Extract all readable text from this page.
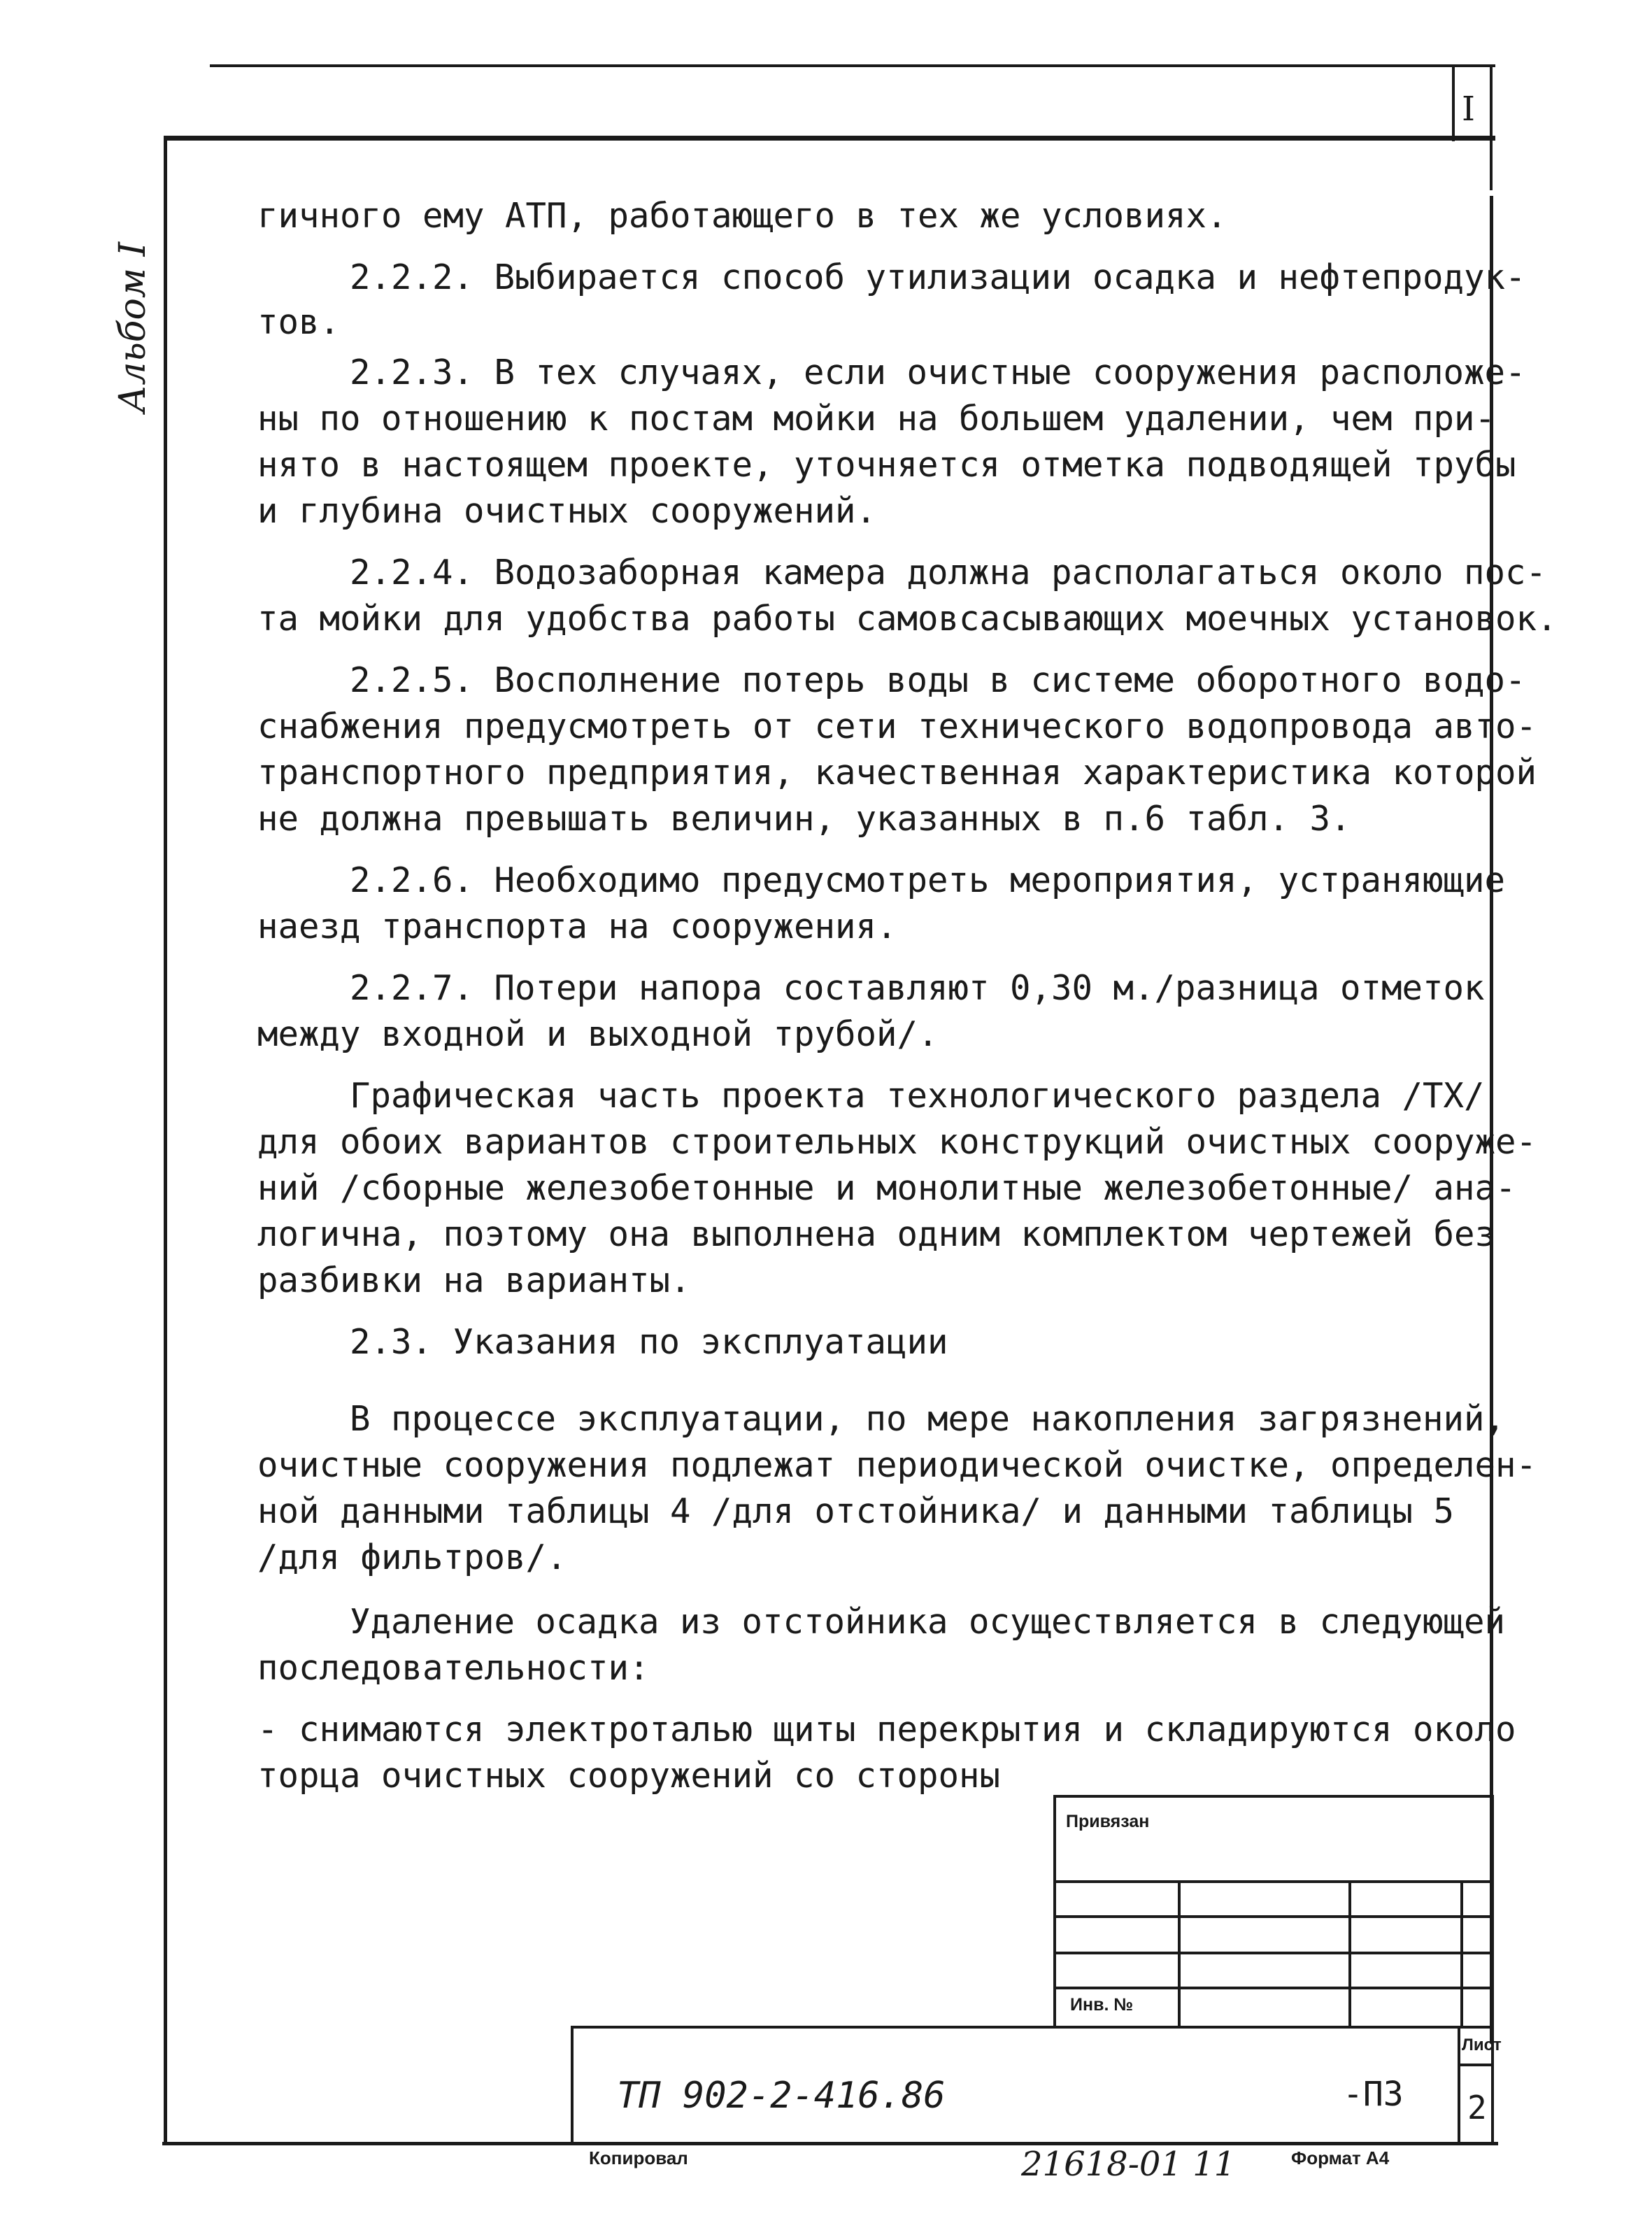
I
Альбом I
гичного ему АТП, работающего в тех же условиях.
2.2.2. Выбирается способ утилизации осадка и нефтепродук-
тов.
2.2.3. В тех случаях, если очистные сооружения расположе-
ны по отношению к постам мойки на большем удалении, чем при-
нято в настоящем проекте, уточняется отметка подводящей трубы
и глубина очистных сооружений.
2.2.4. Водозаборная камера должна располагаться около пос-
та мойки для удобства работы самовсасывающих моечных установок.
2.2.5. Восполнение потерь воды в системе оборотного водо-
снабжения предусмотреть от сети технического водопровода авто-
транспортного предприятия, качественная характеристика которой
не должна превышать величин, указанных в п.6 табл. 3.
2.2.6. Необходимо предусмотреть мероприятия, устраняющие
наезд транспорта на сооружения.
2.2.7. Потери напора составляют 0,30 м./разница отметок
между входной и выходной трубой/.
Графическая часть проекта технологического раздела /ТХ/
для обоих вариантов строительных конструкций очистных сооруже-
ний /сборные железобетонные и монолитные железобетонные/ ана-
логична, поэтому она выполнена одним комплектом чертежей без
разбивки на варианты.
2.3. Указания по эксплуатации
В процессе эксплуатации, по мере накопления загрязнений,
очистные сооружения подлежат периодической очистке, определен-
ной данными таблицы 4 /для отстойника/ и данными таблицы 5
/для фильтров/.
Удаление осадка из отстойника осуществляется в следующей
последовательности:
- снимаются электроталью щиты перекрытия и складируются около
торца очистных сооружений со стороны
Привязан
Инв. №
Лист
2
ТП 902-2-416.86	-ПЗ
Копировал	21618-01 11	Формат А4
